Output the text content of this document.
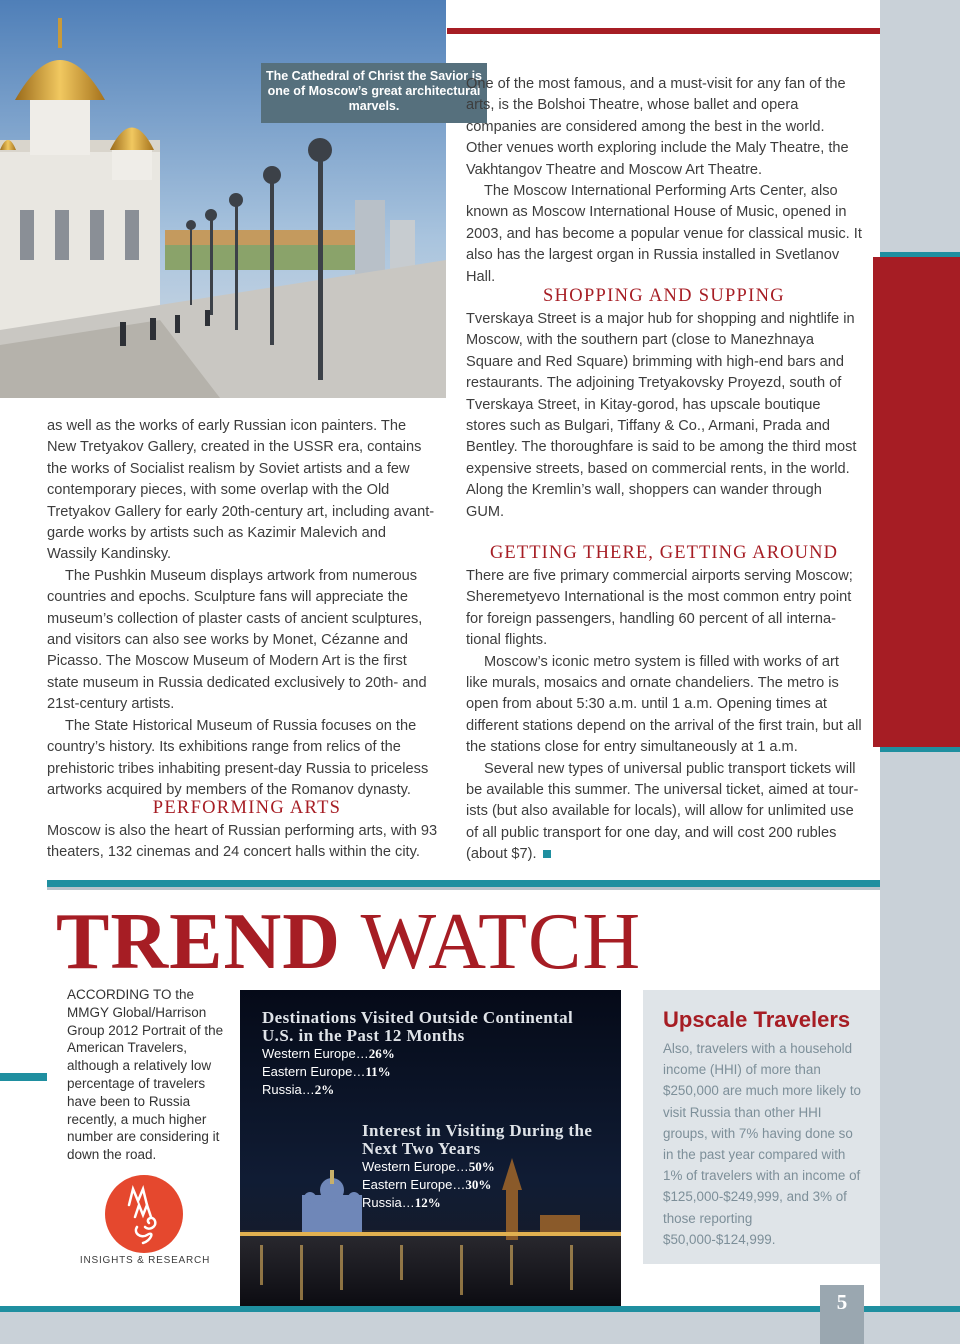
The Cathedral of Christ the Savior is one of Moscow’s great architectural marvels.

One of the most famous, and a must-visit for any fan of the arts, is the Bolshoi Theatre, whose ballet and opera companies are considered among the best in the world. Other venues worth exploring include the Maly Theatre, the Vakhtangov Theatre and Moscow Art Theatre.

The Moscow International Performing Arts Center, also known as Moscow International House of Music, opened in 2003, and has become a popular venue for classical music. It also has the largest organ in Russia installed in Svetlanov Hall.

SHOPPING AND SUPPING

Tverskaya Street is a major hub for shopping and nightlife in Moscow, with the southern part (close to Manezhnaya Square and Red Square) brimming with high-end bars and restaurants. The adjoining Tretyakovsky Proyezd, south of Tverskaya Street, in Kitay-gorod, has upscale boutique stores such as Bulgari, Tiffany & Co., Armani, Prada and Bentley. The thoroughfare is said to be among the third most expensive streets, based on commercial rents, in the world. Along the Kremlin’s wall, shoppers can wander through GUM.

GETTING THERE, GETTING AROUND

There are five primary commercial airports serving Moscow; Sheremetyevo International is the most common entry point for foreign passengers, handling 60 percent of all interna-tional flights.

Moscow’s iconic metro system is filled with works of art like murals, mosaics and ornate chandeliers. The metro is open from about 5:30 a.m. until 1 a.m. Opening times at different stations depend on the arrival of the first train, but all the stations close for entry simultaneously at 1 a.m.

Several new types of universal public transport tickets will be available this summer. The universal ticket, aimed at tour-ists (but also available for locals), will allow for unlimited use of all public transport for one day, and will cost 200 rubles (about $7).

as well as the works of early Russian icon painters. The New Tretyakov Gallery, created in the USSR era, contains the works of Socialist realism by Soviet artists and a few contemporary pieces, with some overlap with the Old Tretyakov Gallery for early 20th-century art, including avant-garde works by artists such as Kazimir Malevich and Wassily Kandinsky.

The Pushkin Museum displays artwork from numerous countries and epochs. Sculpture fans will appreciate the museum’s collection of plaster casts of ancient sculptures, and visitors can also see works by Monet, Cézanne and Picasso. The Moscow Museum of Modern Art is the first state museum in Russia dedicated exclusively to 20th- and 21st-century artists.

The State Historical Museum of Russia focuses on the country’s history. Its exhibitions range from relics of the prehistoric tribes inhabiting present-day Russia to priceless artworks acquired by members of the Romanov dynasty.

PERFORMING ARTS

Moscow is also the heart of Russian performing arts, with 93 theaters, 132 cinemas and 24 concert halls within the city.

TREND WATCH
ACCORDING TO the MMGY Global/Harrison Group 2012 Portrait of the American Travelers, although a relatively low percentage of travelers have been to Russia recently, a much higher number are considering it down the road.
INSIGHTS & RESEARCH
Destinations Visited Outside Continental U.S. in the Past 12 Months
Western Europe…26%
Eastern Europe…11%
Russia…2%
Interest in Visiting During the Next Two Years
Western Europe…50%
Eastern Europe…30%
Russia…12%
Upscale Travelers
Also, travelers with a household income (HHI) of more than $250,000 are much more likely to visit Russia than other HHI groups, with 7% having done so in the past year compared with 1% of travelers with an income of $125,000-$249,999, and 3% of those reporting $50,000-$124,999.
5
